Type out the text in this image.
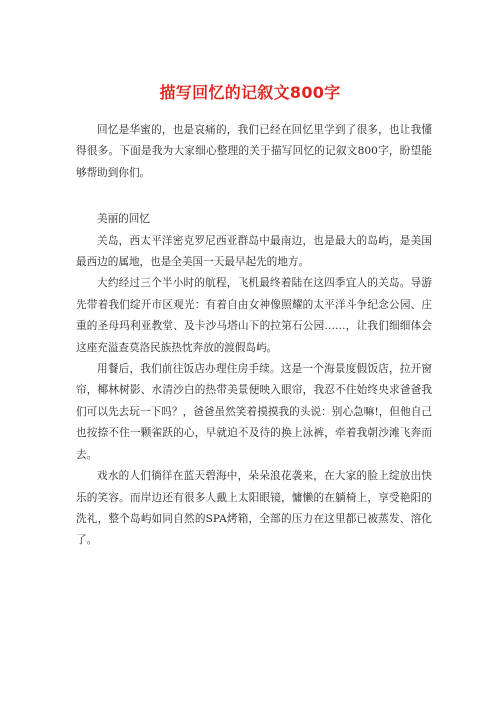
描写回忆的记叙文800字

回忆是华蜜的，也是哀痛的，我们已经在回忆里学到了很多，也让我懂得很多。下面是我为大家细心整理的关于描写回忆的记叙文800字，盼望能够帮助到你们。

美丽的回忆

关岛，西太平洋密克罗尼西亚群岛中最南边，也是最大的岛屿，是美国最西边的属地，也是全美国一天最早起先的地方。

大约经过三个半小时的航程，飞机最终着陆在这四季宜人的关岛。导游先带着我们绽开市区观光：有着自由女神像照耀的太平洋斗争纪念公园、庄重的圣母玛利亚教堂、及卡沙马塔山下的拉第石公园……，让我们细细体会这座充溢查莫洛民族热忱奔放的渡假岛屿。

用餐后，我们前往饭店办理住房手续。这是一个海景度假饭店，拉开窗帘，椰林树影、水清沙白的热带美景便映入眼帘，我忍不住始终央求爸爸我们可以先去玩一下吗？，爸爸虽然笑着摸摸我的头说：别心急嘛!，但他自己也按捺不住一颗雀跃的心，早就迫不及待的换上泳裤，牵着我朝沙滩飞奔而去。

戏水的人们徜徉在蓝天碧海中，朵朵浪花袭来，在大家的脸上绽放出快乐的笑容。而岸边还有很多人戴上太阳眼镜，慵懒的在躺椅上，享受艳阳的洗礼，整个岛屿如同自然的SPA烤箱，全部的压力在这里都已被蒸发、溶化了。
